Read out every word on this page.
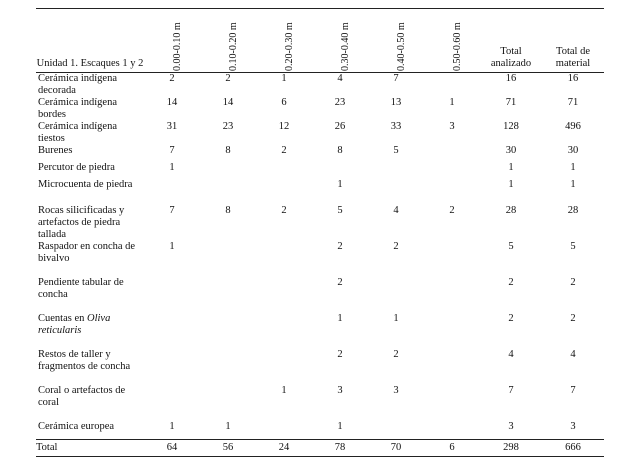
Unidad 1. Escaques 1 y 2	0.00-0.10 m	0.10-0.20 m	0.20-0.30 m	0.30-0.40 m	0.40-0.50 m	0.50-0.60 m	Total analizado	Total de material
Cerámica indígena decorada	2	2	1	4	7		16	16
Cerámica indígena bordes	14	14	6	23	13	1	71	71
Cerámica indígena tiestos	31	23	12	26	33	3	128	496
Burenes	7	8	2	8	5		30	30
Percutor de piedra	1						1	1
Microcuenta de piedra				1			1	1
Rocas silicificadas y artefactos de piedra tallada	7	8	2	5	4	2	28	28
Raspador en concha de bivalvo	1			2	2		5	5
Pendiente tabular de concha				2			2	2
Cuentas en Oliva reticularis				1	1		2	2
Restos de taller y fragmentos de concha				2	2		4	4
Coral o artefactos de coral			1	3	3		7	7
Cerámica europea	1	1		1			3	3
Total	64	56	24	78	70	6	298	666
